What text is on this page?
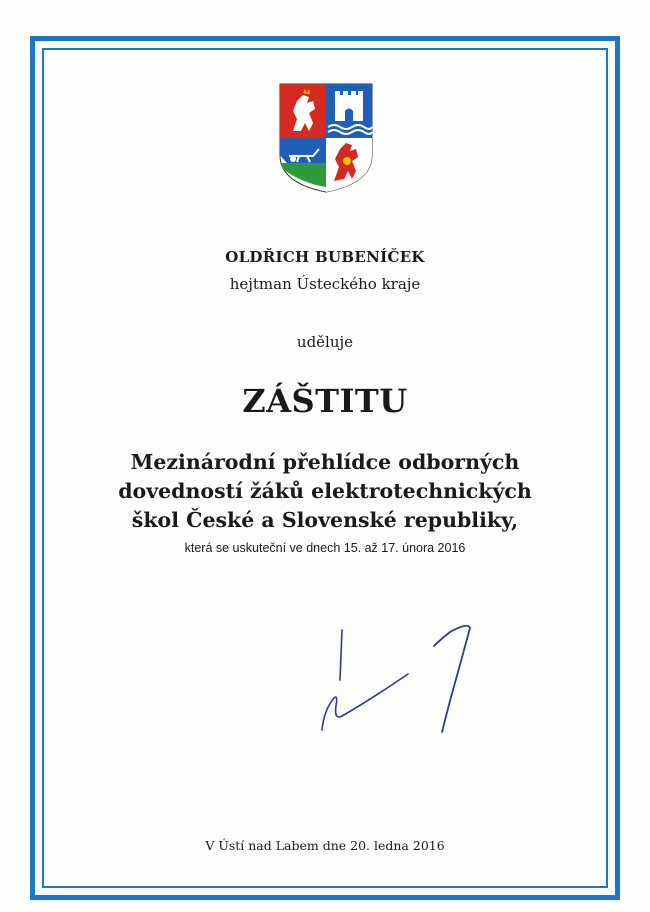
OLDŘICH BUBENÍČEK

hejtman Ústeckého kraje

uděluje

ZÁŠTITU

Mezinárodní přehlídce odborných
dovedností žáků elektrotechnických
škol České a Slovenské republiky,

která se uskuteční ve dnech 15. až 17. února 2016

V Ústí nad Labem dne 20. ledna 2016
